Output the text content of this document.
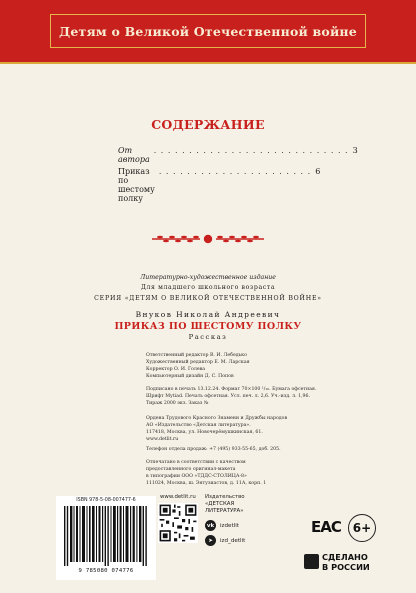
Детям о Великой Отечественной войне
СОДЕРЖАНИЕ
От автора
. . . . . . . . . . . . . . . . . . . . . . . . . . . . 3
Приказ по шестому полку
. . . . . . . . . . . . . . . . . . . . . . 6
Литературно-художественное издание
Для младшего школьного возраста
СЕРИЯ «ДЕТЯМ О ВЕЛИКОЙ ОТЕЧЕСТВЕННОЙ ВОЙНЕ»
Внуков Николай Андреевич
ПРИКАЗ ПО ШЕСТОМУ ПОЛКУ
Рассказ
Ответственный редактор В. И. Лебедько
Художественный редактор Е. М. Ларская
Корректор О. И. Голева
Компьютерный дизайн Д. С. Попов
Подписано в печать 13.12.24. Формат 70×100 ¹/₁₆. Бумага офсетная.
Шрифт Муtiad. Печать офсетная. Усл. печ. л. 2,6. Уч.-изд. л. 1,96.
Тираж 2000 экз. Заказ №
Ордена Трудового Красного Знамени и Дружбы народов
АО «Издательство «Детская литература».
117418, Москва, ул. Новочерёмушкинская, 61.
www.detlit.ru
Телефон отдела продаж: +7 (495) 933-55-65, доб. 205.
Отпечатано в соответствии с качеством
предоставленного оригинал-макета
в типографии ООО «ТДДС-СТОЛИЦА-8»
111024, Москва, ш. Энтузиастов, д. 11А, корп. 1
ISBN 978-5-08-007477-6
9 785080 074776
www.detlit.ru Издательство
«ДЕТСКАЯ
ЛИТЕРАТУРА»
vk	izdetlit
➤	izd_detlit
EAC 6+
СДЕЛАНО
В РОССИИ
